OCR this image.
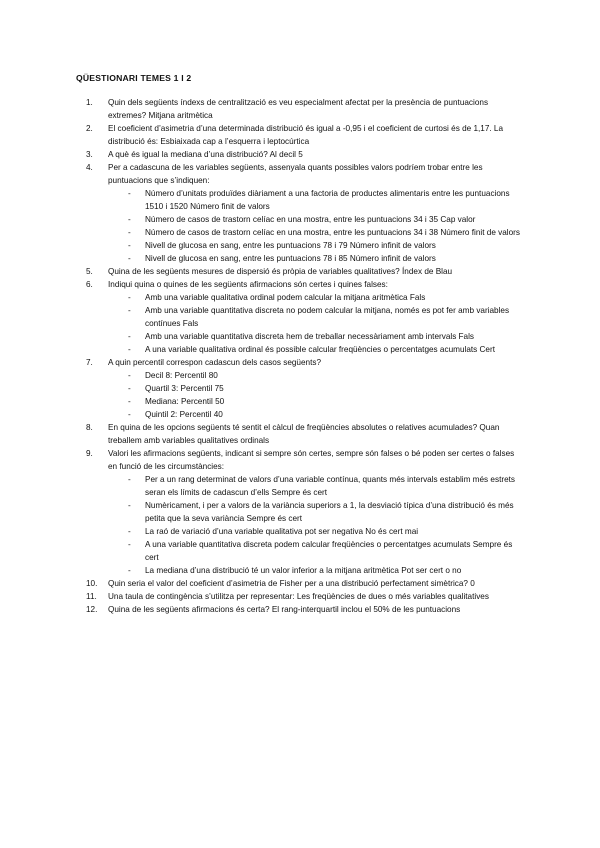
QÜESTIONARI TEMES 1 I 2
1.	Quin dels següents índexs de centralització es veu especialment afectat per la presència de puntuacions extremes? Mitjana aritmètica
2.	El coeficient d’asimetria d’una determinada distribució és igual a -0,95 i el coeficient de curtosi és de 1,17. La distribució és: Esbiaixada cap a l’esquerra i leptocúrtica
3.	A què és igual la mediana d’una distribució? Al decil 5
4.	Per a cadascuna de les variables següents, assenyala quants possibles valors podríem trobar entre les puntuacions que s’indiquen:
- Número d’unitats produïdes diàriament a una factoria de productes alimentaris entre les puntuacions 1510 i 1520 Número finit de valors
- Número de casos de trastorn celíac en una mostra, entre les puntuacions 34 i 35 Cap valor
- Número de casos de trastorn celíac en una mostra, entre les puntuacions 34 i 38 Número finit de valors
- Nivell de glucosa en sang, entre les puntuacions 78 i 79 Número infinit de valors
- Nivell de glucosa en sang, entre les puntuacions 78 i 85 Número infinit de valors
5.	Quina de les següents mesures de dispersió és pròpia de variables qualitatives? Índex de Blau
6.	Indiqui quina o quines de les següents afirmacions són certes i quines falses:
- Amb una variable qualitativa ordinal podem calcular la mitjana aritmètica Fals
- Amb una variable quantitativa discreta no podem calcular la mitjana, només es pot fer amb variables contínues Fals
- Amb una variable quantitativa discreta hem de treballar necessàriament amb intervals Fals
- A una variable qualitativa ordinal és possible calcular freqüències o percentatges acumulats Cert
7.	A quin percentil correspon cadascun dels casos següents?
- Decil 8: Percentil 80
- Quartil 3: Percentil 75
- Mediana: Percentil 50
- Quintil 2: Percentil 40
8.	En quina de les opcions següents té sentit el càlcul de freqüències absolutes o relatives acumulades? Quan treballem amb variables qualitatives ordinals
9.	Valori les afirmacions següents, indicant si sempre són certes, sempre són falses o bé poden ser certes o falses en funció de les circumstàncies:
- Per a un rang determinat de valors d’una variable contínua, quants més intervals establim més estrets seran els límits de cadascun d’ells Sempre és cert
- Numèricament, i per a valors de la variància superiors a 1, la desviació típica d’una distribució és més petita que la seva variància Sempre és cert
- La raó de variació d’una variable qualitativa pot ser negativa No és cert mai
- A una variable quantitativa discreta podem calcular freqüències o percentatges acumulats Sempre és cert
- La mediana d’una distribució té un valor inferior a la mitjana aritmètica Pot ser cert o no
10.	Quin seria el valor del coeficient d’asimetria de Fisher per a una distribució perfectament simètrica? 0
11.	Una taula de contingència s’utilitza per representar: Les freqüències de dues o més variables qualitatives
12.	Quina de les següents afirmacions és certa? El rang-interquartil inclou el 50% de les puntuacions
